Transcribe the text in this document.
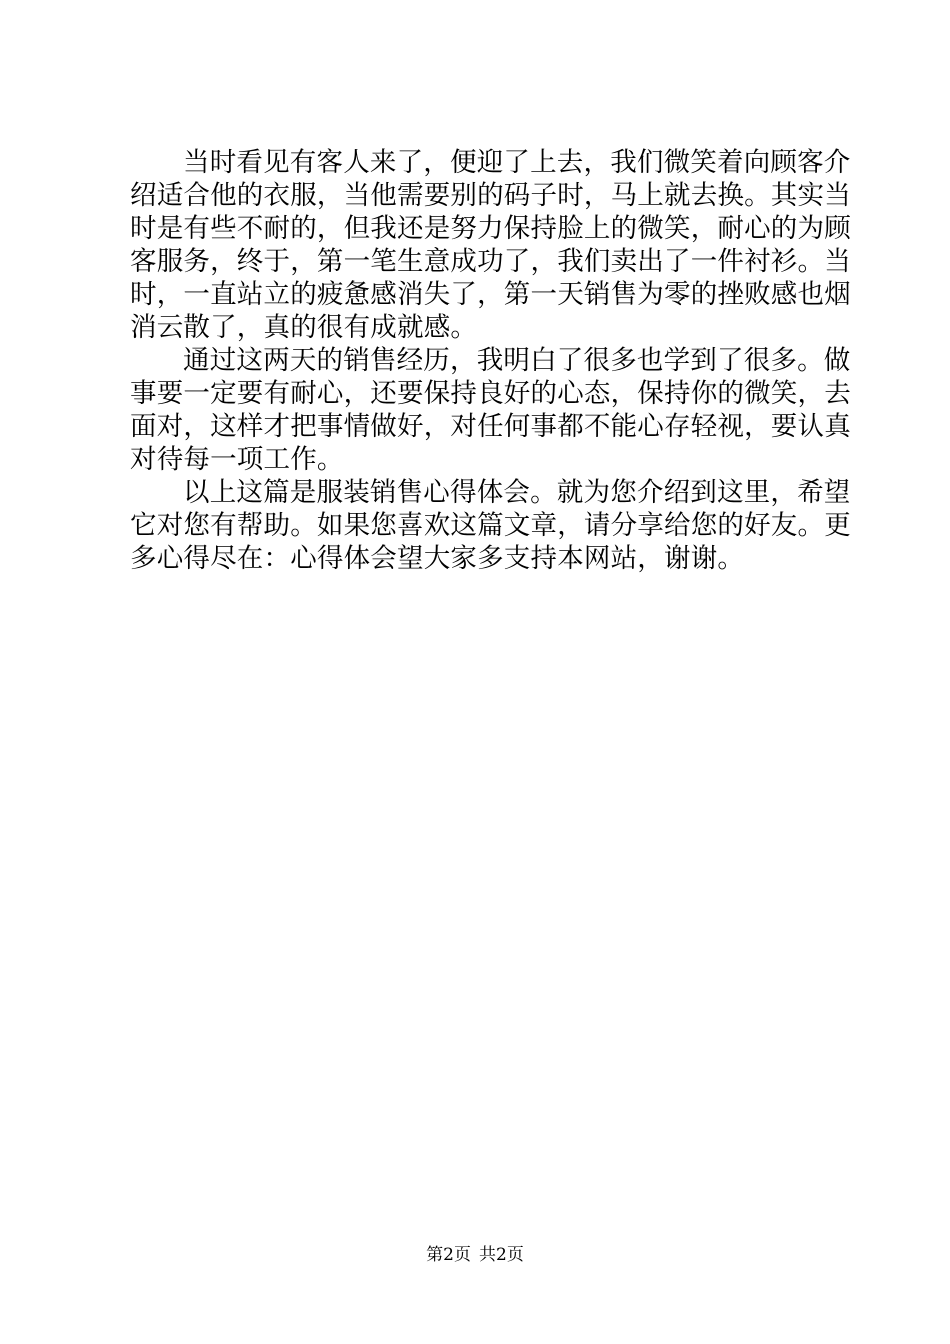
当时看见有客人来了，便迎了上去，我们微笑着向顾客介
绍适合他的衣服，当他需要别的码子时，马上就去换。其实当
时是有些不耐的，但我还是努力保持脸上的微笑，耐心的为顾
客服务，终于，第一笔生意成功了，我们卖出了一件衬衫。当
时，一直站立的疲惫感消失了，第一天销售为零的挫败感也烟
消云散了，真的很有成就感。
通过这两天的销售经历，我明白了很多也学到了很多。做
事要一定要有耐心，还要保持良好的心态，保持你的微笑，去
面对，这样才把事情做好，对任何事都不能心存轻视，要认真
对待每一项工作。
以上这篇是服装销售心得体会。就为您介绍到这里，希望
它对您有帮助。如果您喜欢这篇文章，请分享给您的好友。更
多心得尽在：心得体会望大家多支持本网站，谢谢。
第2页 共2页
